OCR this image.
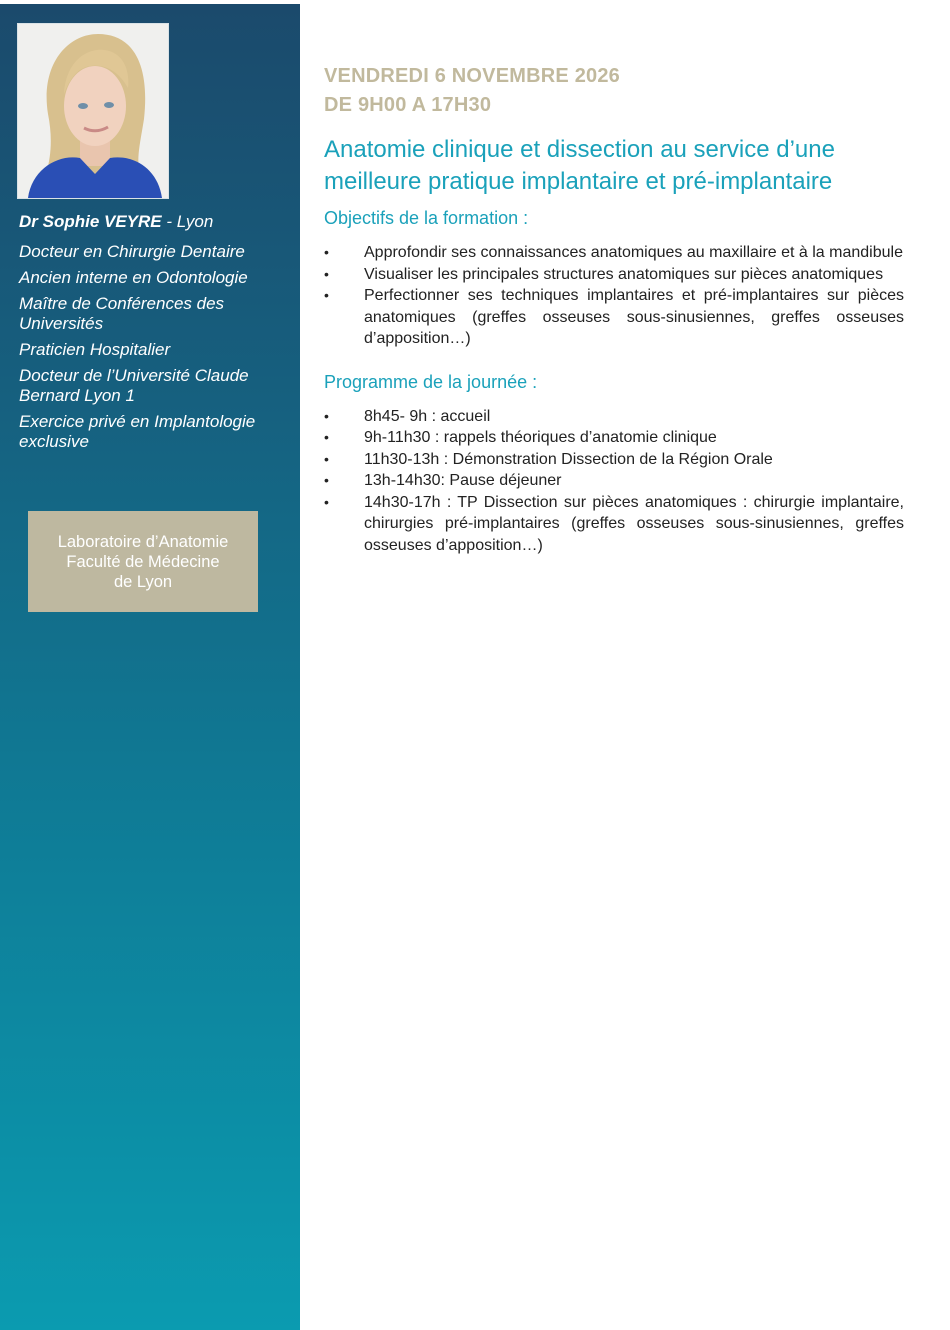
Dr Sophie VEYRE - Lyon

Docteur en Chirurgie Dentaire

Ancien interne en Odontologie

Maître de Conférences des Universités

Praticien Hospitalier

Docteur de l’Université Claude Bernard Lyon 1

Exercice privé en Implantologie exclusive

Laboratoire d’Anatomie
Faculté de Médecine
de Lyon
VENDREDI 6 NOVEMBRE 2026
DE 9H00 A 17H30
Anatomie clinique et dissection au service d’une meilleure pratique implantaire et pré-implantaire
Objectifs de la formation :
• Approfondir ses connaissances anatomiques au maxillaire et à la mandibule
• Visualiser les principales structures anatomiques sur pièces anatomiques
• Perfectionner ses techniques implantaires et pré-implantaires sur pièces anatomiques (greffes osseuses sous-sinusiennes, greffes osseuses d’apposition…)
Programme de la journée :
• 8h45- 9h : accueil
• 9h-11h30 : rappels théoriques d’anatomie clinique
• 11h30-13h : Démonstration Dissection de la Région Orale
• 13h-14h30: Pause déjeuner
• 14h30-17h : TP Dissection sur pièces anatomiques : chirurgie implantaire, chirurgies pré-implantaires (greffes osseuses sous-sinusiennes, greffes osseuses d’apposition…)
